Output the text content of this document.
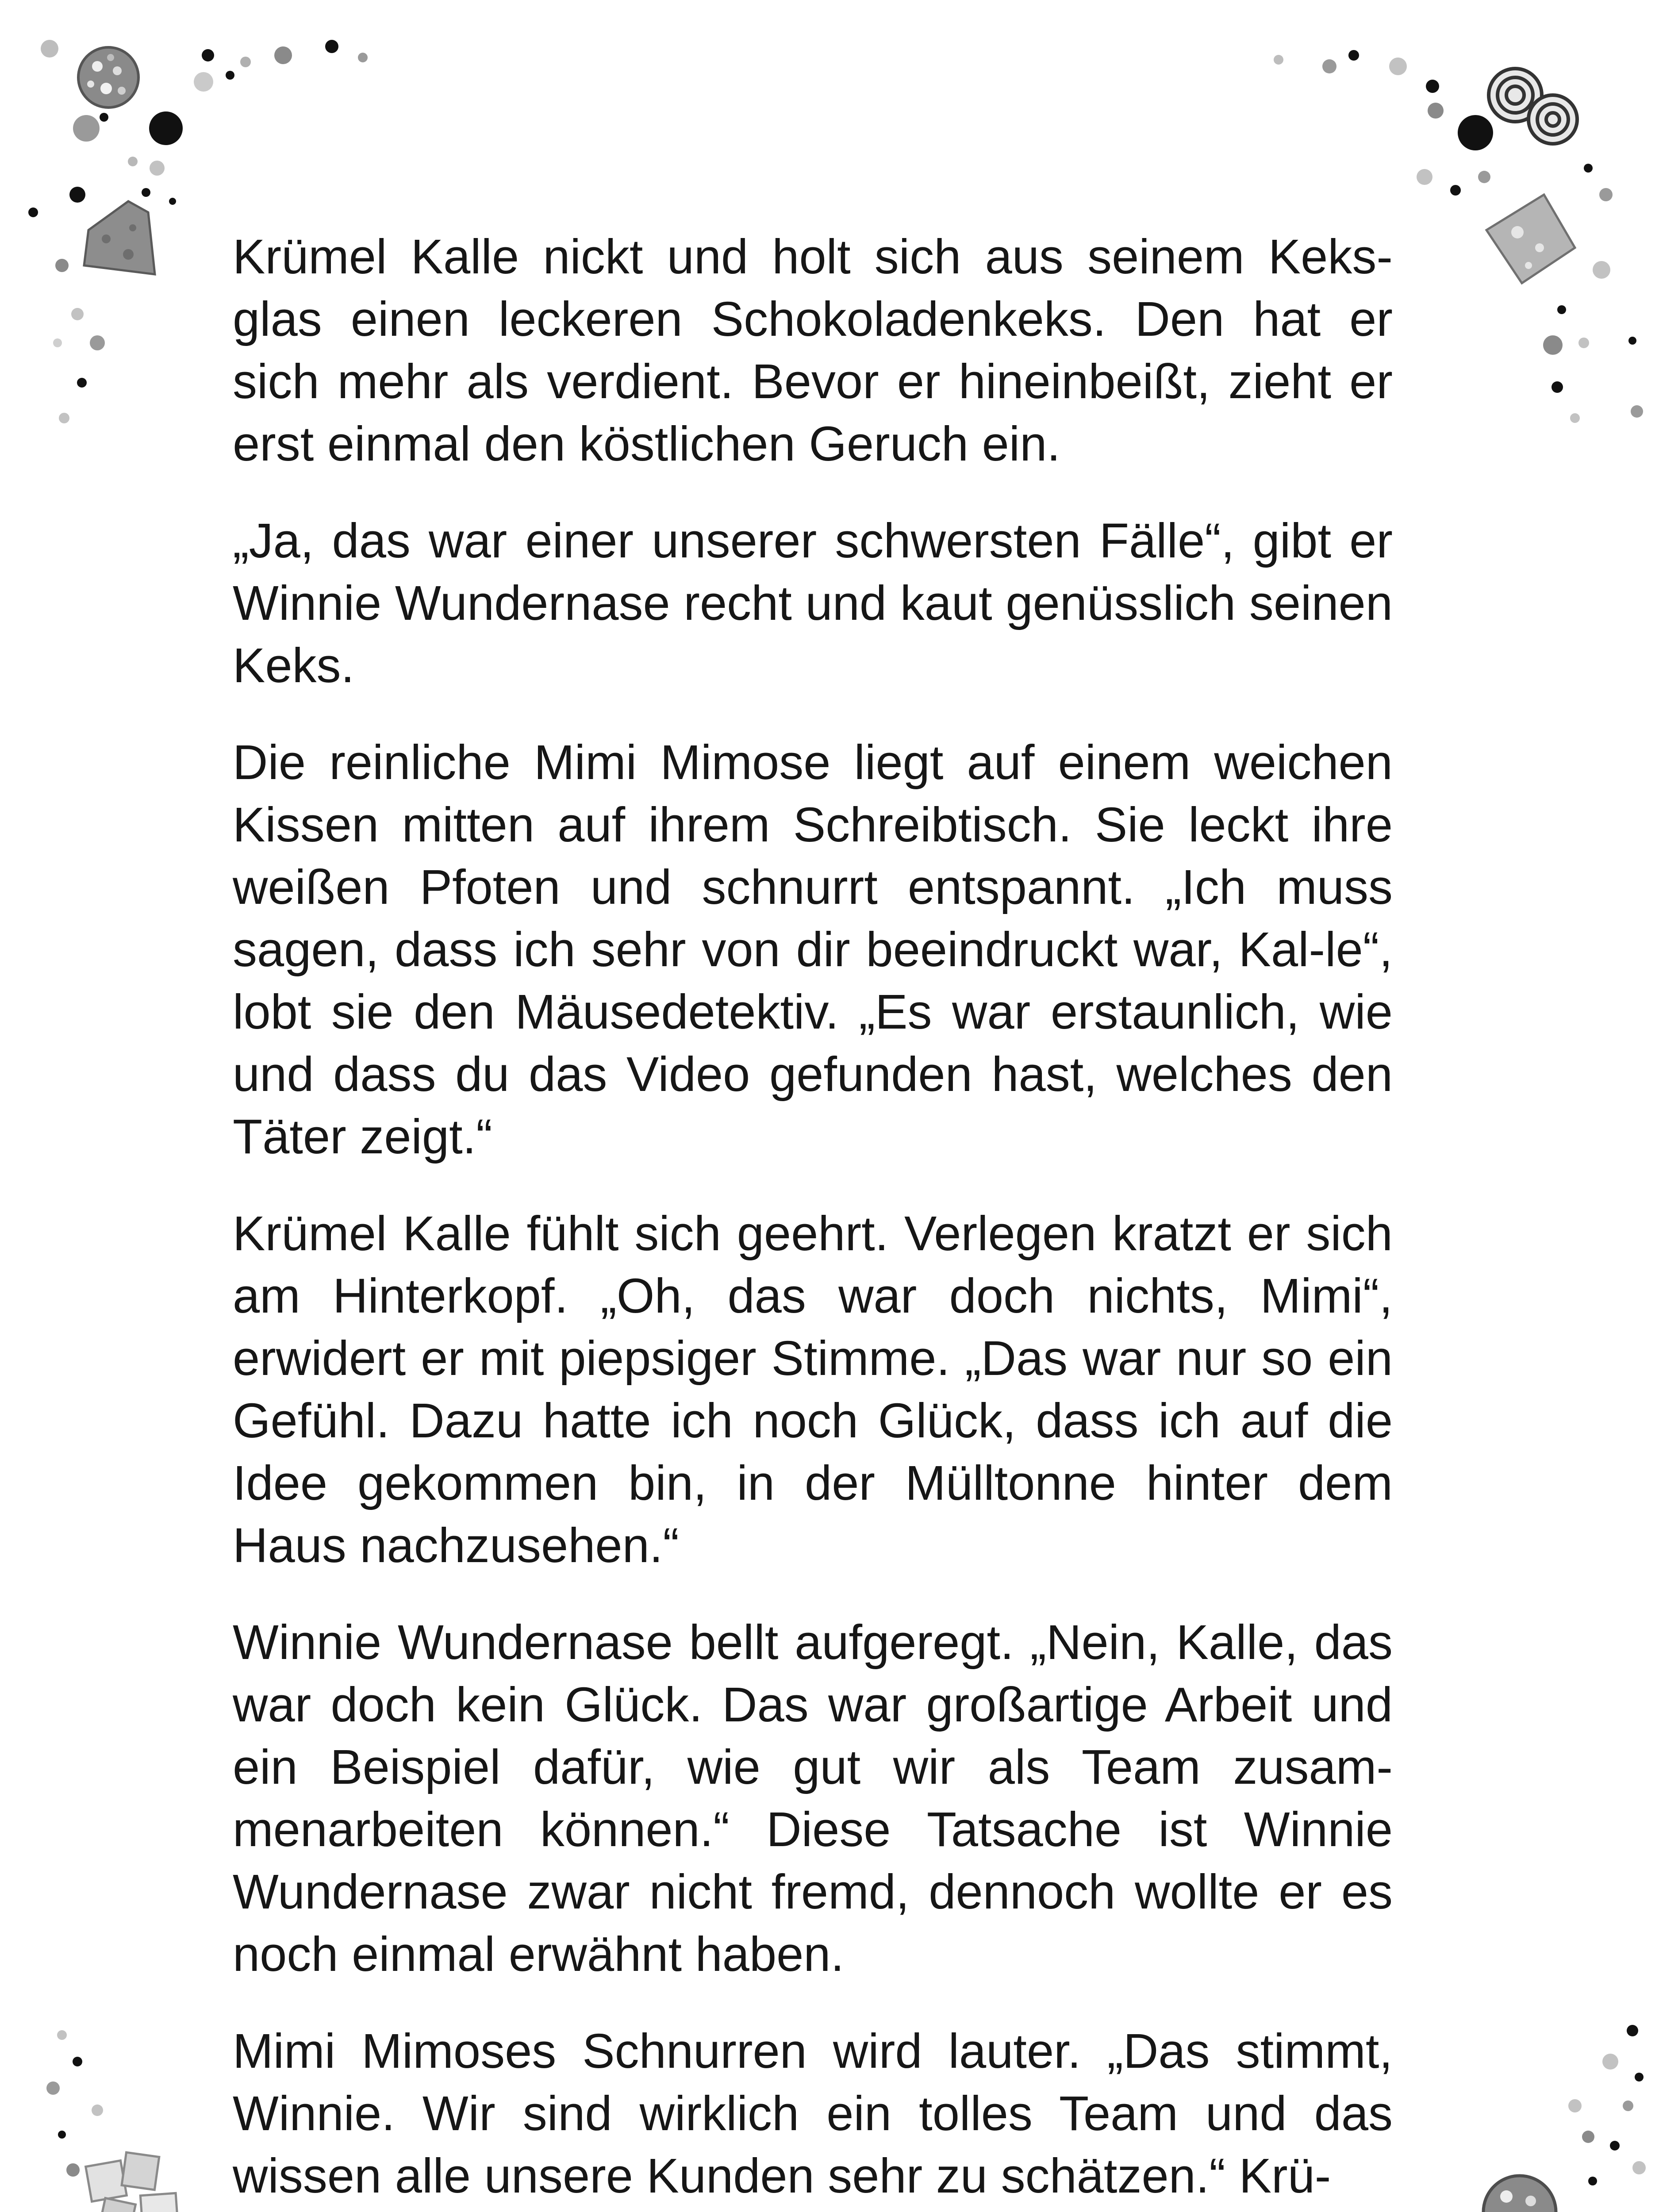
Krümel Kalle nickt und holt sich aus seinem Keks-glas einen leckeren Schokoladenkeks. Den hat er sich mehr als verdient. Bevor er hineinbeißt, zieht er erst einmal den köstlichen Geruch ein.

„Ja, das war einer unserer schwersten Fälle“, gibt er Winnie Wundernase recht und kaut genüsslich seinen Keks.

Die reinliche Mimi Mimose liegt auf einem weichen Kissen mitten auf ihrem Schreibtisch. Sie leckt ihre weißen Pfoten und schnurrt entspannt. „Ich muss sagen, dass ich sehr von dir beeindruckt war, Kal-le“, lobt sie den Mäusedetektiv. „Es war erstaunlich, wie und dass du das Video gefunden hast, welches den Täter zeigt.“

Krümel Kalle fühlt sich geehrt. Verlegen kratzt er sich am Hinterkopf. „Oh, das war doch nichts, Mimi“, erwidert er mit piepsiger Stimme. „Das war nur so ein Gefühl. Dazu hatte ich noch Glück, dass ich auf die Idee gekommen bin, in der Mülltonne hinter dem Haus nachzusehen.“

Winnie Wundernase bellt aufgeregt. „Nein, Kalle, das war doch kein Glück. Das war großartige Arbeit und ein Beispiel dafür, wie gut wir als Team zusam-menarbeiten können.“ Diese Tatsache ist Winnie Wundernase zwar nicht fremd, dennoch wollte er es noch einmal erwähnt haben.

Mimi Mimoses Schnurren wird lauter. „Das stimmt, Winnie. Wir sind wirklich ein tolles Team und das wissen alle unsere Kunden sehr zu schätzen.“ Krü-
